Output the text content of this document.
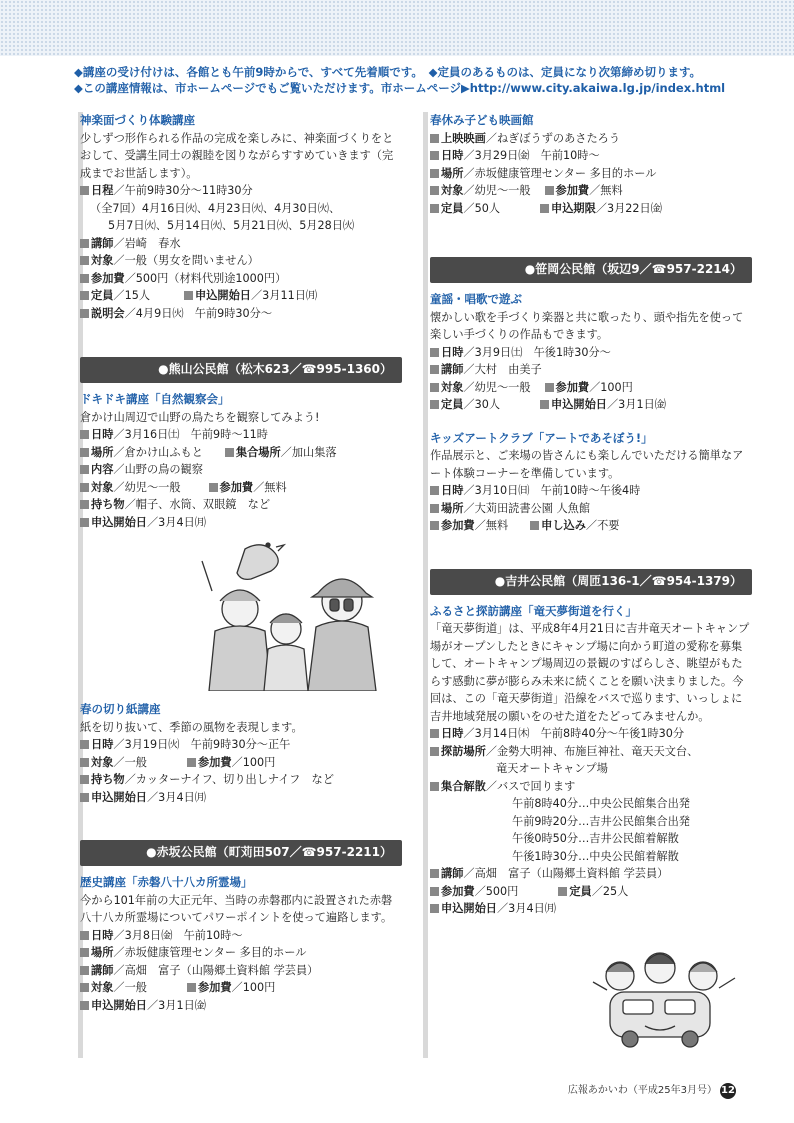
◆講座の受け付けは、各館とも午前9時からで、すべて先着順です。　◆定員のあるものは、定員になり次第締め切ります。
◆この講座情報は、市ホームページでもご覧いただけます。市ホームページ▶http://www.city.akaiwa.lg.jp/index.html
神楽面づくり体験講座

少しずつ形作られる作品の完成を楽しみに、神楽面づくりをとおして、受講生同士の親睦を図りながらすすめていきます（完成までお世話します）。

日程／午前9時30分～11時30分
（全7回）4月16日㈫、4月23日㈫、4月30日㈫、
5月7日㈫、5月14日㈫、5月21日㈫、5月28日㈫
講師／岩崎　春水
対象／一般（男女を問いません）
参加費／500円（材料代別途1000円）
定員／15人	申込開始日／3月11日㈪
説明会／4月9日㈫　午前9時30分～
●熊山公民館（松木623／☎995-1360）
ドキドキ講座「自然観察会」

倉かけ山周辺で山野の鳥たちを観察してみよう!

日時／3月16日㈯　午前9時～11時
場所／倉かけ山ふもと	集合場所／加山集落
内容／山野の鳥の観察
対象／幼児～一般	参加費／無料
持ち物／帽子、水筒、双眼鏡　など
申込開始日／3月4日㈪
春の切り紙講座

紙を切り抜いて、季節の風物を表現します。

日時／3月19日㈫　午前9時30分～正午
対象／一般	参加費／100円
持ち物／カッターナイフ、切り出しナイフ　など
申込開始日／3月4日㈪
●赤坂公民館（町苅田507／☎957-2211）
歴史講座「赤磐八十八カ所霊場」

今から101年前の大正元年、当時の赤磐郡内に設置された赤磐八十八カ所霊場についてパワーポイントを使って遍路します。

日時／3月8日㈮　午前10時～
場所／赤坂健康管理センター 多目的ホール
講師／高畑　富子（山陽郷土資料館 学芸員）
対象／一般	参加費／100円
申込開始日／3月1日㈮
春休み子ども映画館
上映映画／ねぎぼうずのあさたろう
日時／3月29日㈮　午前10時～
場所／赤坂健康管理センター 多目的ホール
対象／幼児～一般 参加費／無料
定員／50人	申込期限／3月22日㈮
●笹岡公民館（坂辺9／☎957-2214）
童謡・唱歌で遊ぶ

懐かしい歌を手づくり楽器と共に歌ったり、頭や指先を使って楽しい手づくりの作品もできます。

日時／3月9日㈯　午後1時30分～
講師／大村　由美子
対象／幼児～一般 参加費／100円
定員／30人	申込開始日／3月1日㈮
キッズアートクラブ「アートであそぼう!」

作品展示と、ご来場の皆さんにも楽しんでいただける簡単なアート体験コーナーを準備しています。

日時／3月10日㈰　午前10時～午後4時
場所／大苅田読書公園 人魚館
参加費／無料	申し込み／不要
●吉井公民館（周匝136-1／☎954-1379）
ふるさと探訪講座「竜天夢街道を行く」

「竜天夢街道」は、平成8年4月21日に吉井竜天オートキャンプ場がオープンしたときにキャンプ場に向かう町道の愛称を募集して、オートキャンプ場周辺の景観のすばらしさ、眺望がもたらす感動に夢が膨らみ未来に続くことを願い決まりました。今回は、この「竜天夢街道」沿線をバスで巡ります、いっしょに吉井地域発展の願いをのせた道をたどってみませんか。

日時／3月14日㈭　午前8時40分～午後1時30分
探訪場所／金勢大明神、布施巨神社、竜天天文台、
竜天オートキャンプ場
集合解散／バスで回ります
午前8時40分…中央公民館集合出発
午前9時20分…吉井公民館集合出発
午後0時50分…吉井公民館着解散
午後1時30分…中央公民館着解散
講師／高畑　富子（山陽郷土資料館 学芸員）
参加費／500円	定員／25人
申込開始日／3月4日㈪
広報あかいわ（平成25年3月号） 12
